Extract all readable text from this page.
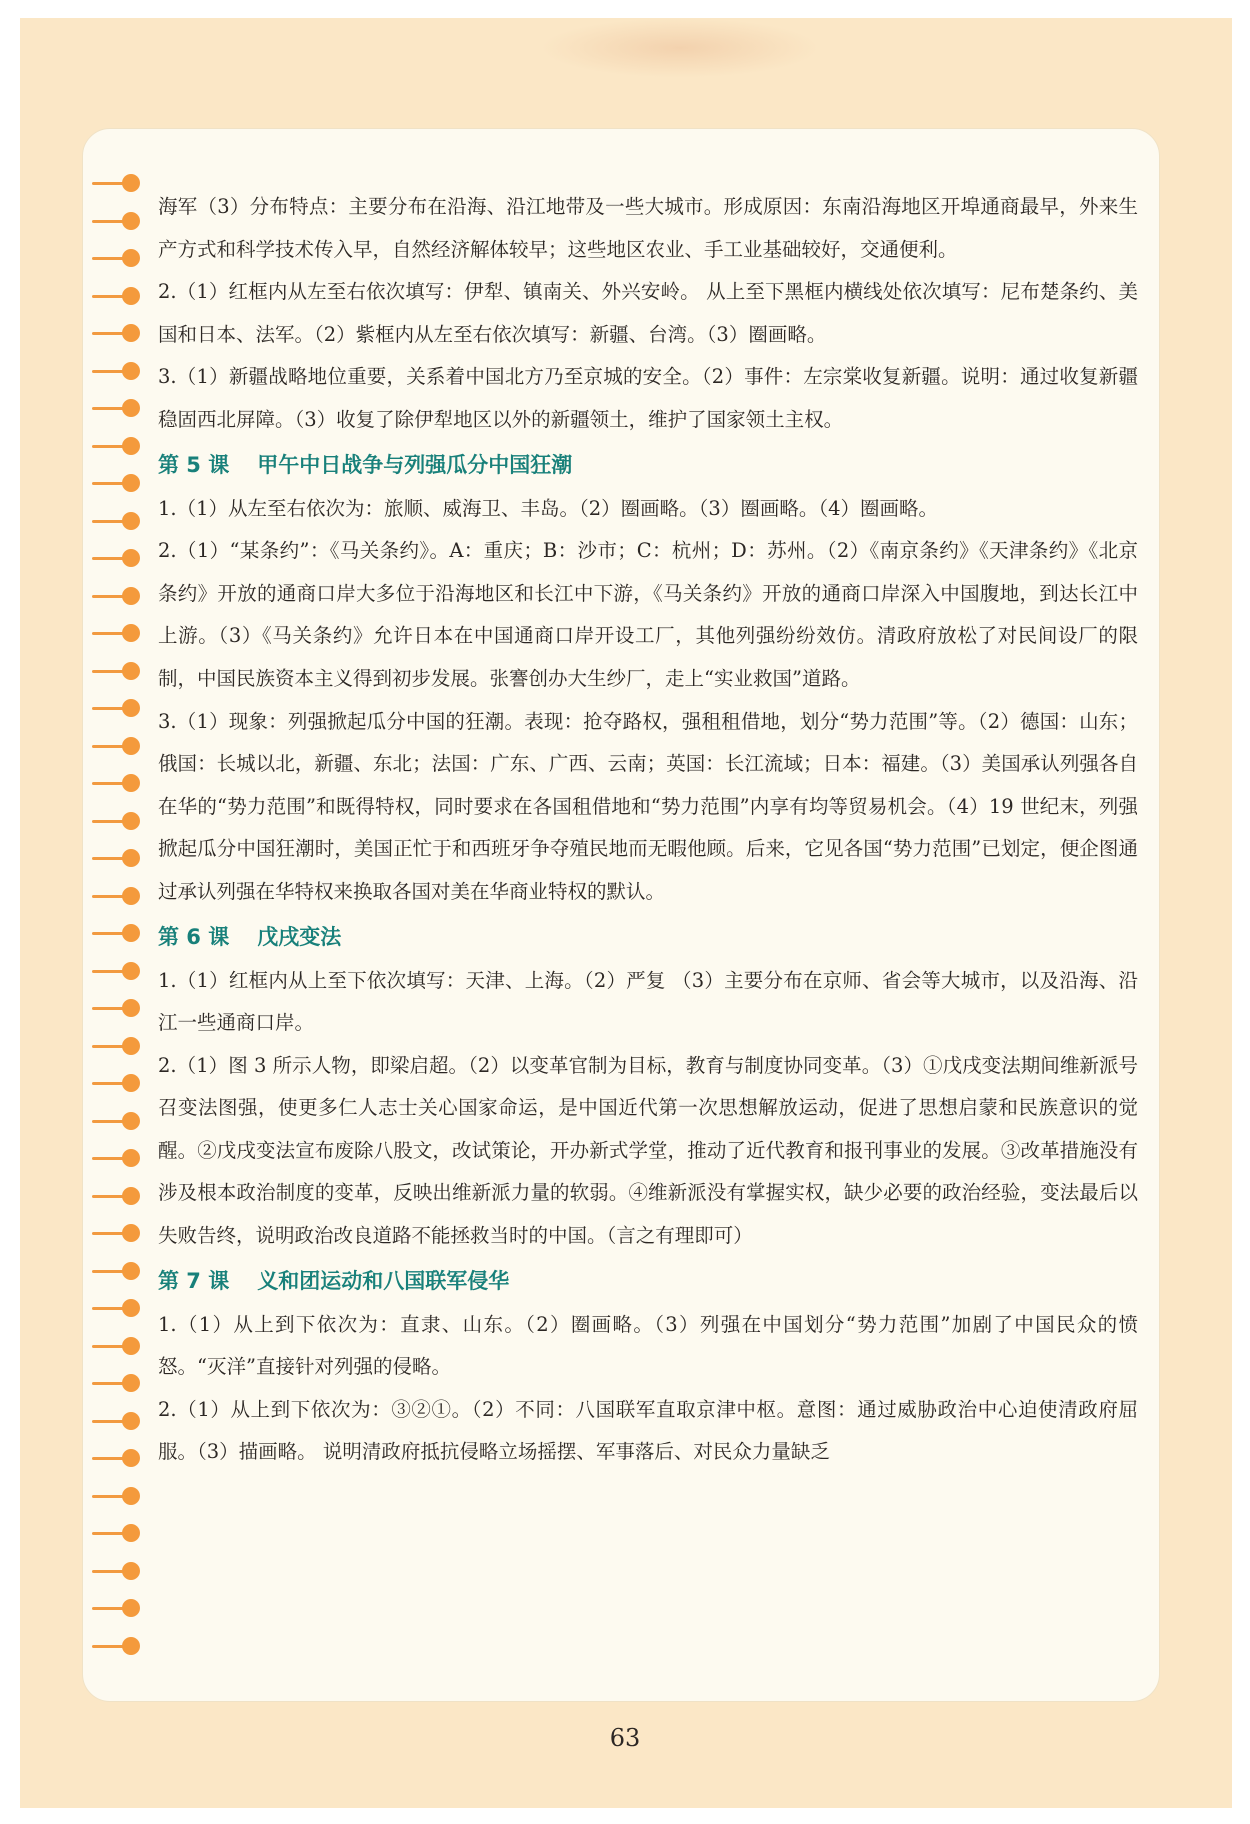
海军（3）分布特点：主要分布在沿海、沿江地带及一些大城市。形成原因：东南沿海地区开埠通商最早，外来生产方式和科学技术传入早，自然经济解体较早；这些地区农业、手工业基础较好，交通便利。

2.（1）红框内从左至右依次填写：伊犁、镇南关、外兴安岭。 从上至下黑框内横线处依次填写：尼布楚条约、美国和日本、法军。（2）紫框内从左至右依次填写：新疆、台湾。（3）圈画略。

3.（1）新疆战略地位重要，关系着中国北方乃至京城的安全。（2）事件：左宗棠收复新疆。说明：通过收复新疆稳固西北屏障。（3）收复了除伊犁地区以外的新疆领土，维护了国家领土主权。

第 5 课 甲午中日战争与列强瓜分中国狂潮

1.（1）从左至右依次为：旅顺、威海卫、丰岛。（2）圈画略。（3）圈画略。（4）圈画略。

2.（1）“某条约”：《马关条约》。A：重庆；B：沙市；C：杭州；D：苏州。（2）《南京条约》《天津条约》《北京条约》开放的通商口岸大多位于沿海地区和长江中下游，《马关条约》开放的通商口岸深入中国腹地，到达长江中上游。（3）《马关条约》允许日本在中国通商口岸开设工厂，其他列强纷纷效仿。清政府放松了对民间设厂的限制，中国民族资本主义得到初步发展。张謇创办大生纱厂，走上“实业救国”道路。

3.（1）现象：列强掀起瓜分中国的狂潮。表现：抢夺路权，强租租借地，划分“势力范围”等。（2）德国：山东；俄国：长城以北，新疆、东北；法国：广东、广西、云南；英国：长江流域；日本：福建。（3）美国承认列强各自在华的“势力范围”和既得特权，同时要求在各国租借地和“势力范围”内享有均等贸易机会。（4）19 世纪末，列强掀起瓜分中国狂潮时，美国正忙于和西班牙争夺殖民地而无暇他顾。后来，它见各国“势力范围”已划定，便企图通过承认列强在华特权来换取各国对美在华商业特权的默认。

第 6 课 戊戌变法

1.（1）红框内从上至下依次填写：天津、上海。（2）严复 （3）主要分布在京师、省会等大城市，以及沿海、沿江一些通商口岸。

2.（1）图 3 所示人物，即梁启超。（2）以变革官制为目标，教育与制度协同变革。（3）①戊戌变法期间维新派号召变法图强，使更多仁人志士关心国家命运，是中国近代第一次思想解放运动，促进了思想启蒙和民族意识的觉醒。②戊戌变法宣布废除八股文，改试策论，开办新式学堂，推动了近代教育和报刊事业的发展。③改革措施没有涉及根本政治制度的变革，反映出维新派力量的软弱。④维新派没有掌握实权，缺少必要的政治经验，变法最后以失败告终，说明政治改良道路不能拯救当时的中国。（言之有理即可）

第 7 课 义和团运动和八国联军侵华

1.（1）从上到下依次为：直隶、山东。（2）圈画略。（3）列强在中国划分“势力范围”加剧了中国民众的愤怒。“灭洋”直接针对列强的侵略。

2.（1）从上到下依次为：③②①。（2）不同：八国联军直取京津中枢。意图：通过威胁政治中心迫使清政府屈服。（3）描画略。 说明清政府抵抗侵略立场摇摆、军事落后、对民众力量缺乏

63
